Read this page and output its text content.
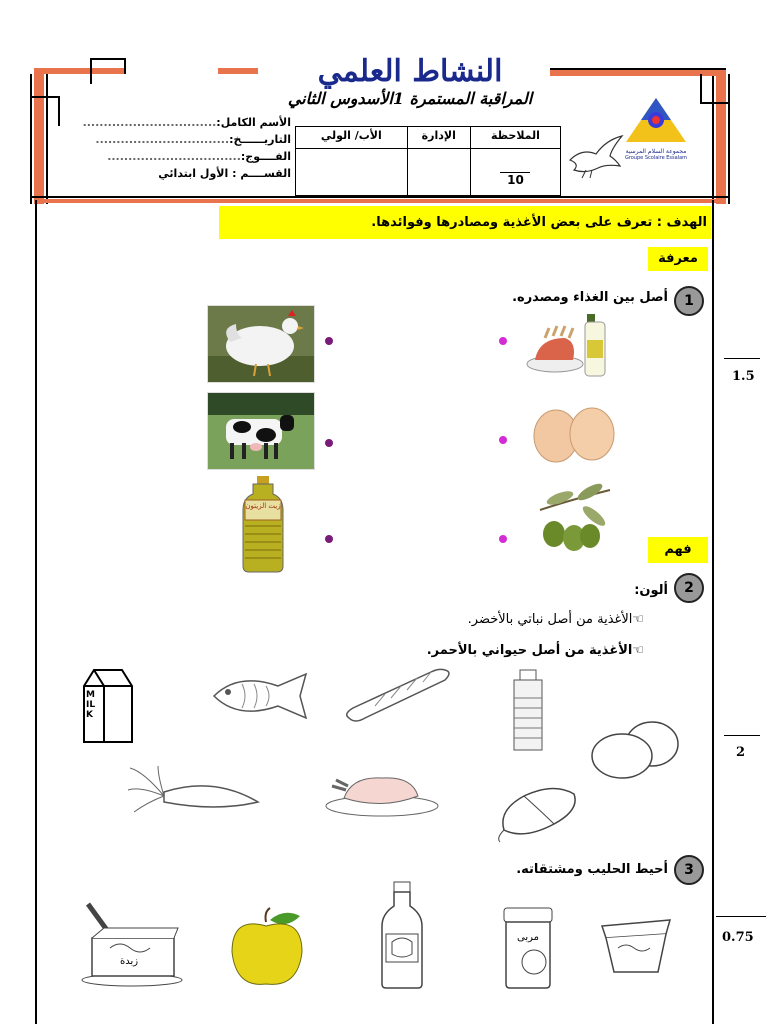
النشاط العلمي
المراقبة المستمرة 1الأسدوس الثاني
الأسم الكامل:................................
التاريــــــخ:................................
الفــــوج:................................
القســــم : الأول ابتدائي
الأب/ الولي	الإدارة	الملاحظة

		10
مجموعة السلام المرسية
Groupe Scolaire Essalam
1.5
2
0.75
الهدف : تعرف على بعض الأغذية ومصادرها وفوائدها.
معرفة
1
أصل بين الغذاء ومصدره.
زيت الزيتون
فهم
2
ألون:
☜الأغذية من أصل نباتي بالأخضر.
☜الأغذية من أصل حيواني بالأحمر.
MILK
3
أحيط الحليب ومشتقاته.
زبدة
مربى
